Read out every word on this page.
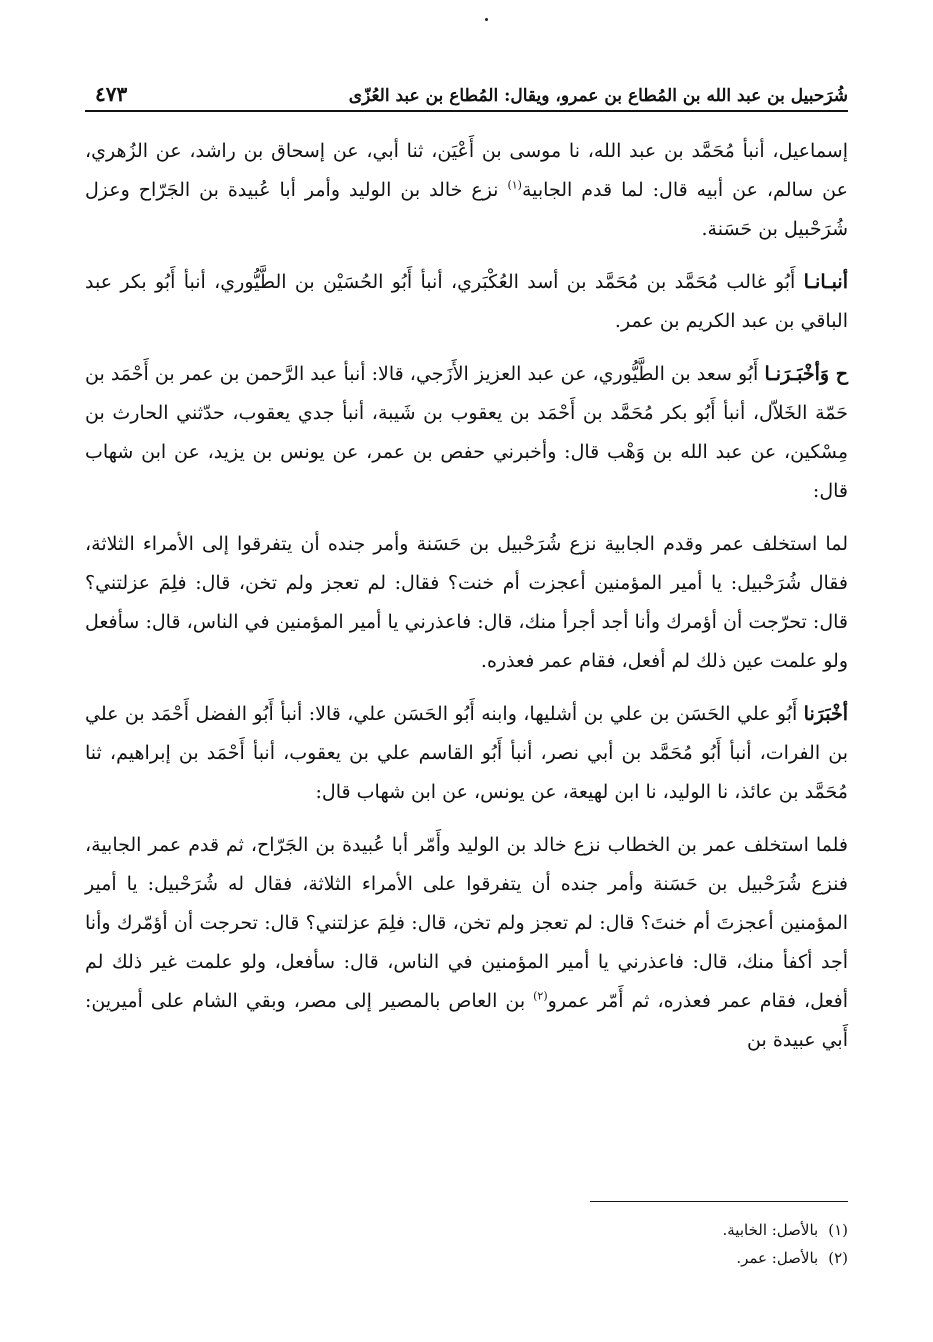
شُرَحبيل بن عبد الله بن المُطاع بن عمرو، ويقال: المُطاع بن عبد العُزّى
٤٧٣

إسماعيل، أنبأ مُحَمَّد بن عبد الله، نا موسى بن أَعْيَن، ثنا أبي، عن إسحاق بن راشد، عن الزُهري، عن سالم، عن أبيه قال: لما قدم الجابية$^{(١)}$ نزع خالد بن الوليد وأمر أبا عُبيدة بن الجَرّاح وعزل شُرَحْبيل بن حَسَنة.

أنبـانـا أَبُو غالب مُحَمَّد بن مُحَمَّد بن أسد العُكْبَري، أنبأ أَبُو الحُسَيْن بن الطَّيُّوري، أنبأ أَبُو بكر عبد الباقي بن عبد الكريم بن عمر.

ح وَأخْبَـرَنـا أَبُو سعد بن الطَّيُّوري، عن عبد العزيز الأَزَجي، قالا: أنبأ عبد الرَّحمن بن عمر بن أَحْمَد بن حَمّة الخَلاّل، أنبأ أَبُو بكر مُحَمَّد بن أَحْمَد بن يعقوب بن شَيبة، أنبأ جدي يعقوب، حدّثني الحارث بن مِسْكين، عن عبد الله بن وَهْب قال: وأخبرني حفص بن عمر، عن يونس بن يزيد، عن ابن شهاب قال:

لما استخلف عمر وقدم الجابية نزع شُرَحْبيل بن حَسَنة وأمر جنده أن يتفرقوا إلى الأمراء الثلاثة، فقال شُرَحْبيل: يا أمير المؤمنين أعجزت أم خنت؟ فقال: لم تعجز ولم تخن، قال: فلِمَ عزلتني؟ قال: تحرّجت أن أؤمرك وأنا أجد أجرأ منك، قال: فاعذرني يا أمير المؤمنين في الناس، قال: سأفعل ولو علمت عين ذلك لم أفعل، فقام عمر فعذره.

أخْبَرَنا أَبُو علي الحَسَن بن علي بن أشليها، وابنه أَبُو الحَسَن علي، قالا: أنبأ أَبُو الفضل أَحْمَد بن علي بن الفرات، أنبأ أَبُو مُحَمَّد بن أبي نصر، أنبأ أَبُو القاسم علي بن يعقوب، أنبأ أَحْمَد بن إبراهيم، ثنا مُحَمَّد بن عائذ، نا الوليد، نا ابن لهيعة، عن يونس، عن ابن شهاب قال:

فلما استخلف عمر بن الخطاب نزع خالد بن الوليد وأَمّر أبا عُبيدة بن الجَرّاح، ثم قدم عمر الجابية، فنزع شُرَحْبيل بن حَسَنة وأمر جنده أن يتفرقوا على الأمراء الثلاثة، فقال له شُرَحْبيل: يا أمير المؤمنين أعجزتَ أم خنتَ؟ قال: لم تعجز ولم تخن، قال: فلِمَ عزلتني؟ قال: تحرجت أن أؤمّرك وأنا أجد أكفأ منك، قال: فاعذرني يا أمير المؤمنين في الناس، قال: سأفعل، ولو علمت غير ذلك لم أفعل، فقام عمر فعذره، ثم أَمّر عمرو$^{(٢)}$ بن العاص بالمصير إلى مصر، وبقي الشام على أميرين: أَبي عبيدة بن

(١)
بالأصل: الخابية.
(٢)
بالأصل: عمر.
